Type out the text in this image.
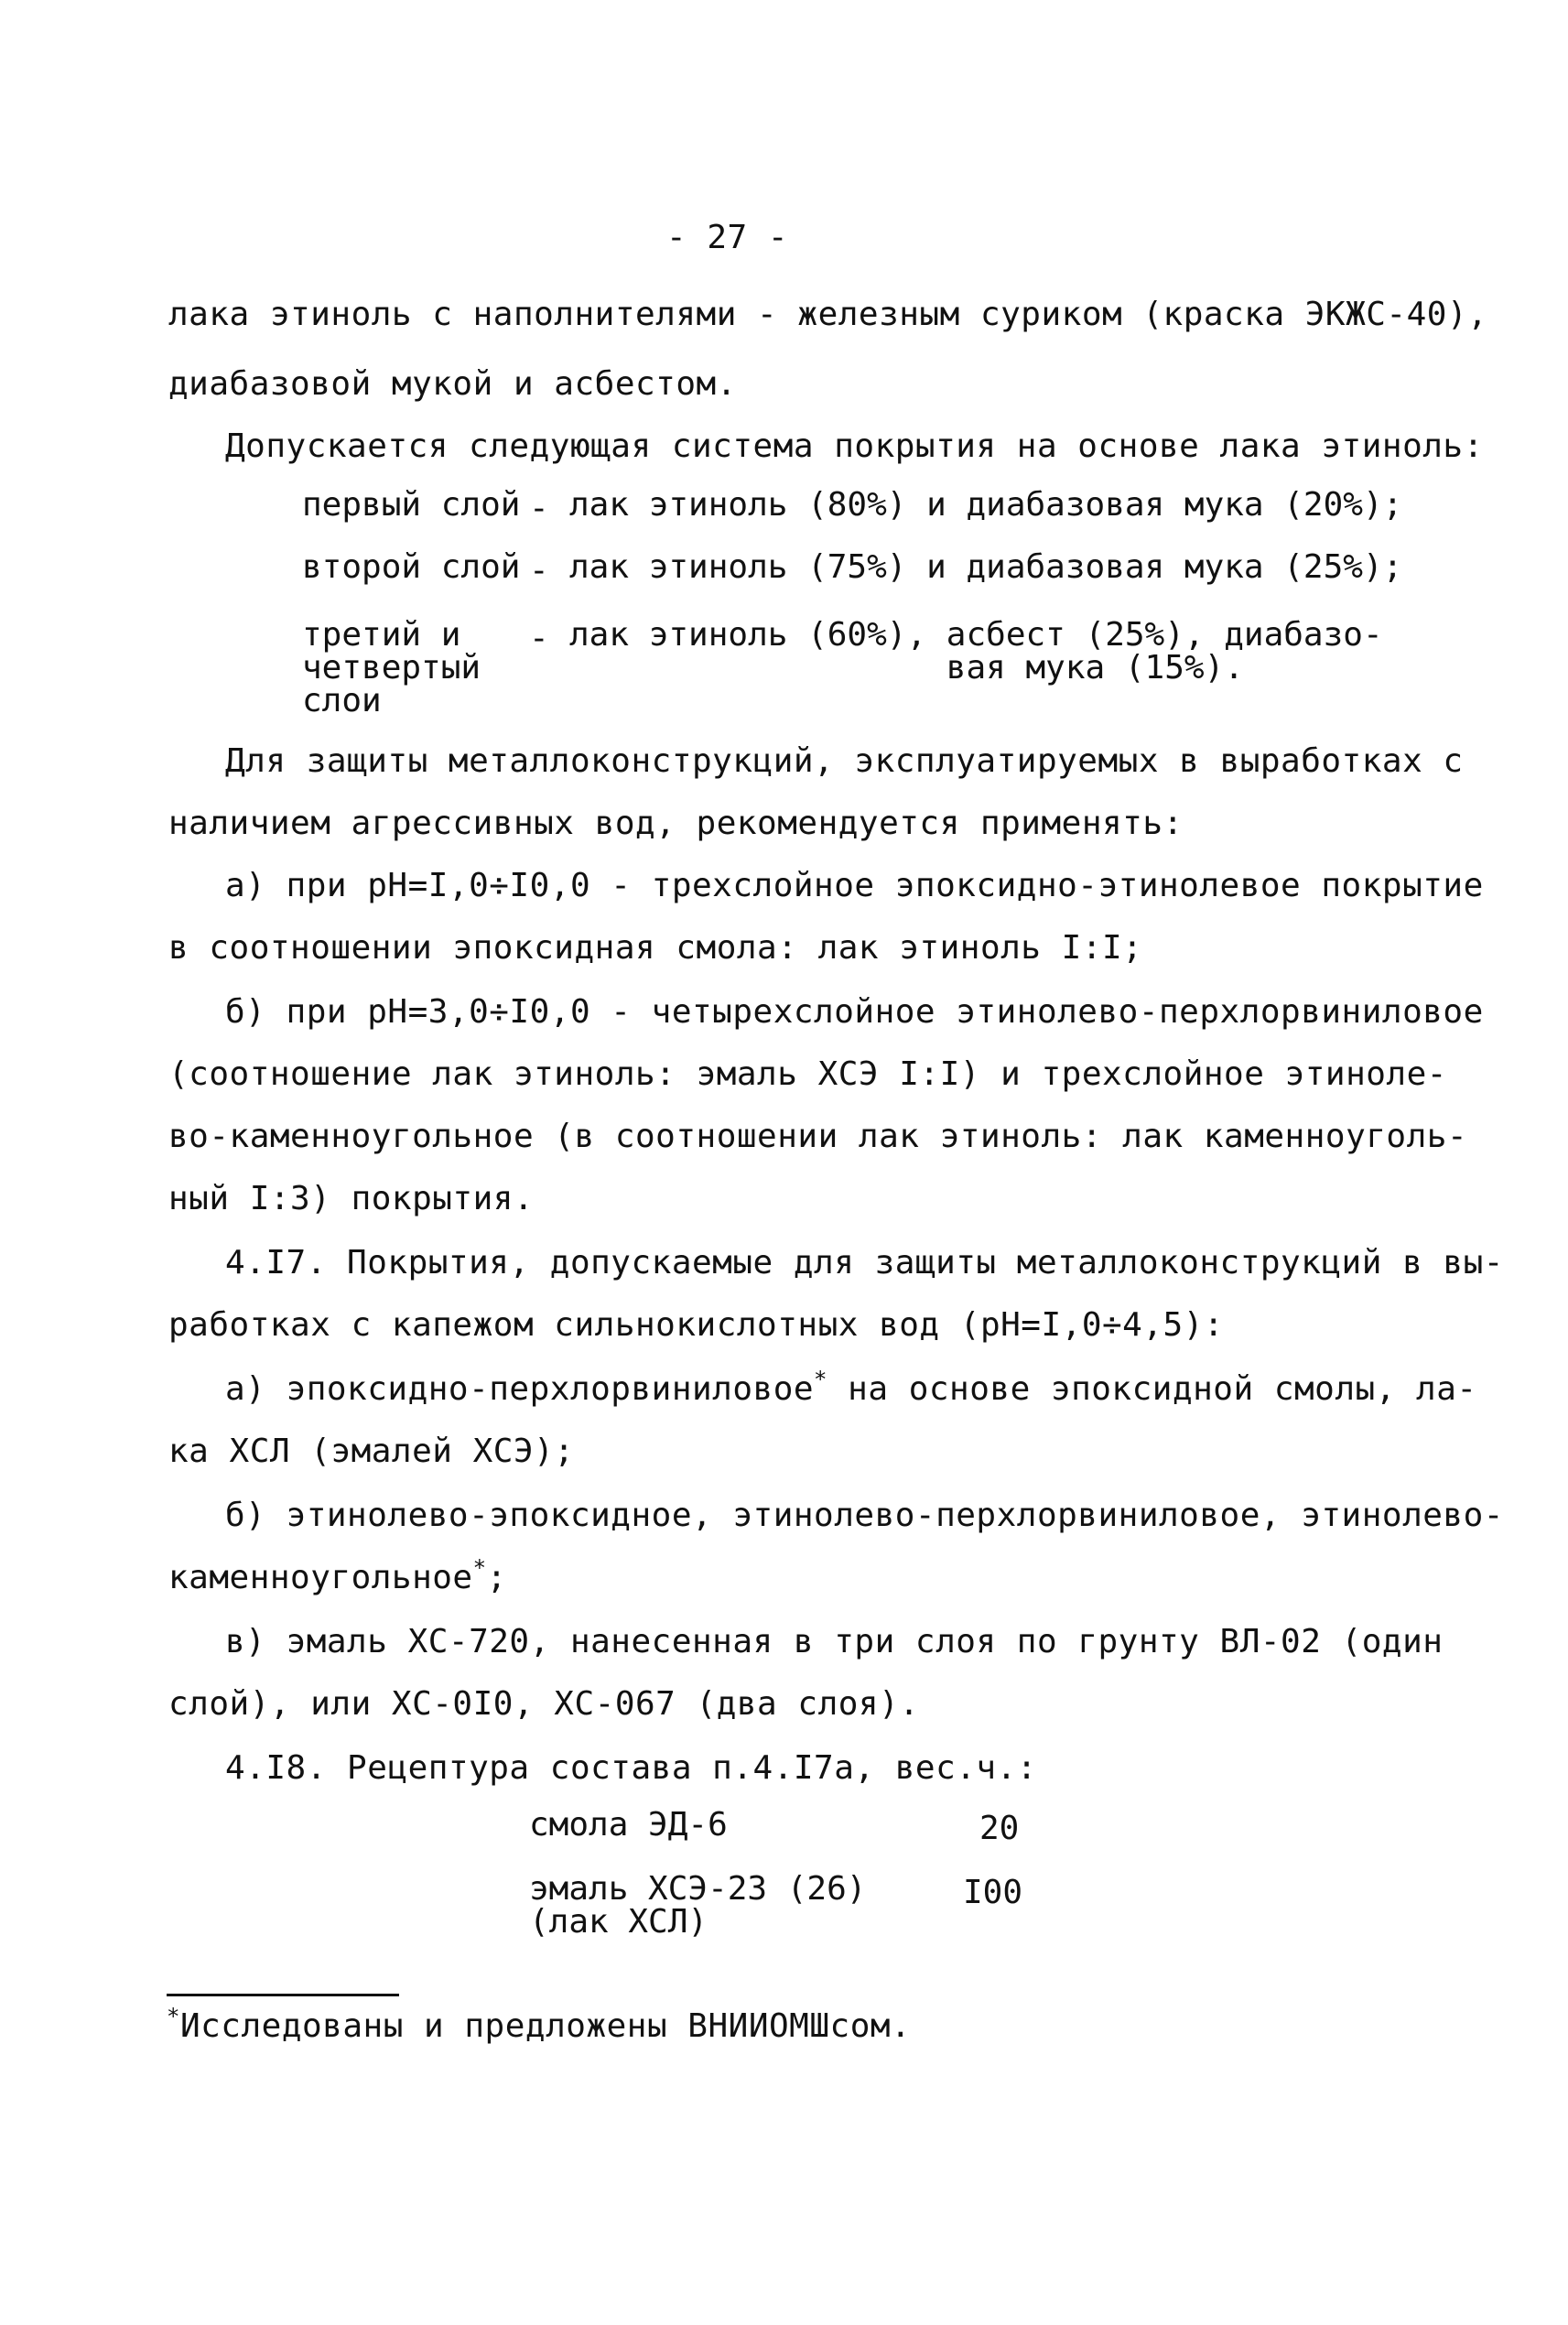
- 27 -
лака этиноль с наполнителями - железным суриком (краска ЭКЖС-40),
диабазовой мукой и асбестом.
Допускается следующая система покрытия на основе лака этиноль:
первый слой - лак этиноль (80%) и диабазовая мука (20%);
второй слой - лак этиноль (75%) и диабазовая мука (25%);
третий и
четвертый
слои
- лак этиноль (60%), асбест (25%), диабазо-
вая мука (15%).
Для защиты металлоконструкций, эксплуатируемых в выработках с
наличием агрессивных вод, рекомендуется применять:
а) при pH=I,0÷I0,0 - трехслойное эпоксидно-этинолевое покрытие
в соотношении эпоксидная смола: лак этиноль I:I;
б) при pH=3,0÷I0,0 - четырехслойное этинолево-перхлорвиниловое
(соотношение лак этиноль: эмаль ХСЭ I:I) и трехслойное этиноле-
во-каменноугольное (в соотношении лак этиноль: лак каменноуголь-
ный I:3) покрытия.
4.I7. Покрытия, допускаемые для защиты металлоконструкций в вы-
работках с капежом сильнокислотных вод (pH=I,0÷4,5):
а) эпоксидно-перхлорвиниловое* на основе эпоксидной смолы, ла-
ка ХСЛ (эмалей ХСЭ);
б) этинолево-эпоксидное, этинолево-перхлорвиниловое, этинолево-
каменноугольное*;
в) эмаль ХС-720, нанесенная в три слоя по грунту ВЛ-02 (один
слой), или ХС-0I0, ХС-067 (два слоя).
4.I8. Рецептура состава п.4.I7а, вес.ч.:
смола ЭД-6	20
эмаль ХСЭ-23 (26)
(лак ХСЛ)
I00
*Исследованы и предложены ВНИИОМШсом.
